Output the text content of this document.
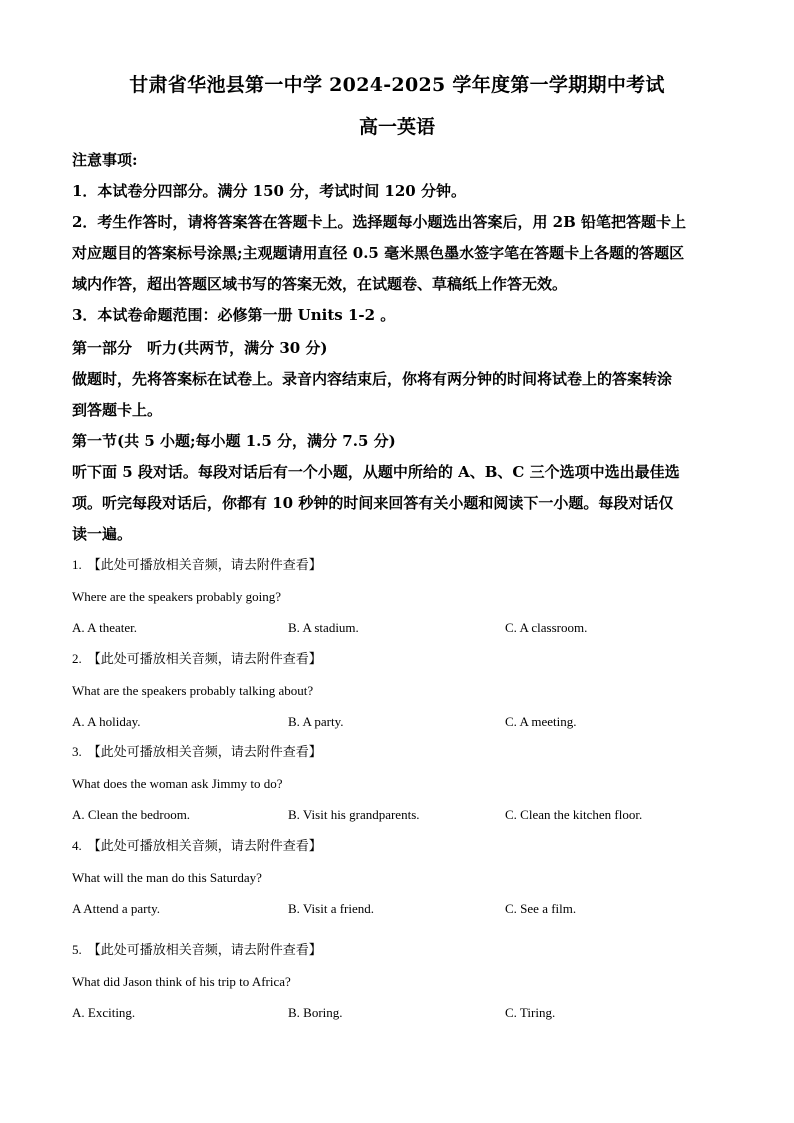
甘肃省华池县第一中学 2024-2025 学年度第一学期期中考试
高一英语
注意事项:
1．本试卷分四部分。满分 150 分，考试时间 120 分钟。
2．考生作答时，请将答案答在答题卡上。选择题每小题选出答案后，用 2B 铅笔把答题卡上
对应题目的答案标号涂黑;主观题请用直径 0.5 毫米黑色墨水签字笔在答题卡上各题的答题区
域内作答，超出答题区域书写的答案无效，在试题卷、草稿纸上作答无效。
3．本试卷命题范围：必修第一册 Units 1-2 。
第一部分　听力(共两节，满分 30 分)
做题时，先将答案标在试卷上。录音内容结束后，你将有两分钟的时间将试卷上的答案转涂
到答题卡上。
第一节(共 5 小题;每小题 1.5 分，满分 7.5 分)
听下面 5 段对话。每段对话后有一个小题，从题中所给的 A、B、C 三个选项中选出最佳选
项。听完每段对话后，你都有 10 秒钟的时间来回答有关小题和阅读下一小题。每段对话仅
读一遍。
1. 【此处可播放相关音频，请去附件查看】
Where are the speakers probably going?
A. A theater.	B. A stadium.	C. A classroom.
2. 【此处可播放相关音频，请去附件查看】
What are the speakers probably talking about?
A. A holiday.	B. A party.	C. A meeting.
3. 【此处可播放相关音频，请去附件查看】
What does the woman ask Jimmy to do?
A. Clean the bedroom.	B. Visit his grandparents.	C. Clean the kitchen floor.
4. 【此处可播放相关音频，请去附件查看】
What will the man do this Saturday?
A Attend a party.	B. Visit a friend.	C. See a film.
5. 【此处可播放相关音频，请去附件查看】
What did Jason think of his trip to Africa?
A. Exciting.	B. Boring.	C. Tiring.
